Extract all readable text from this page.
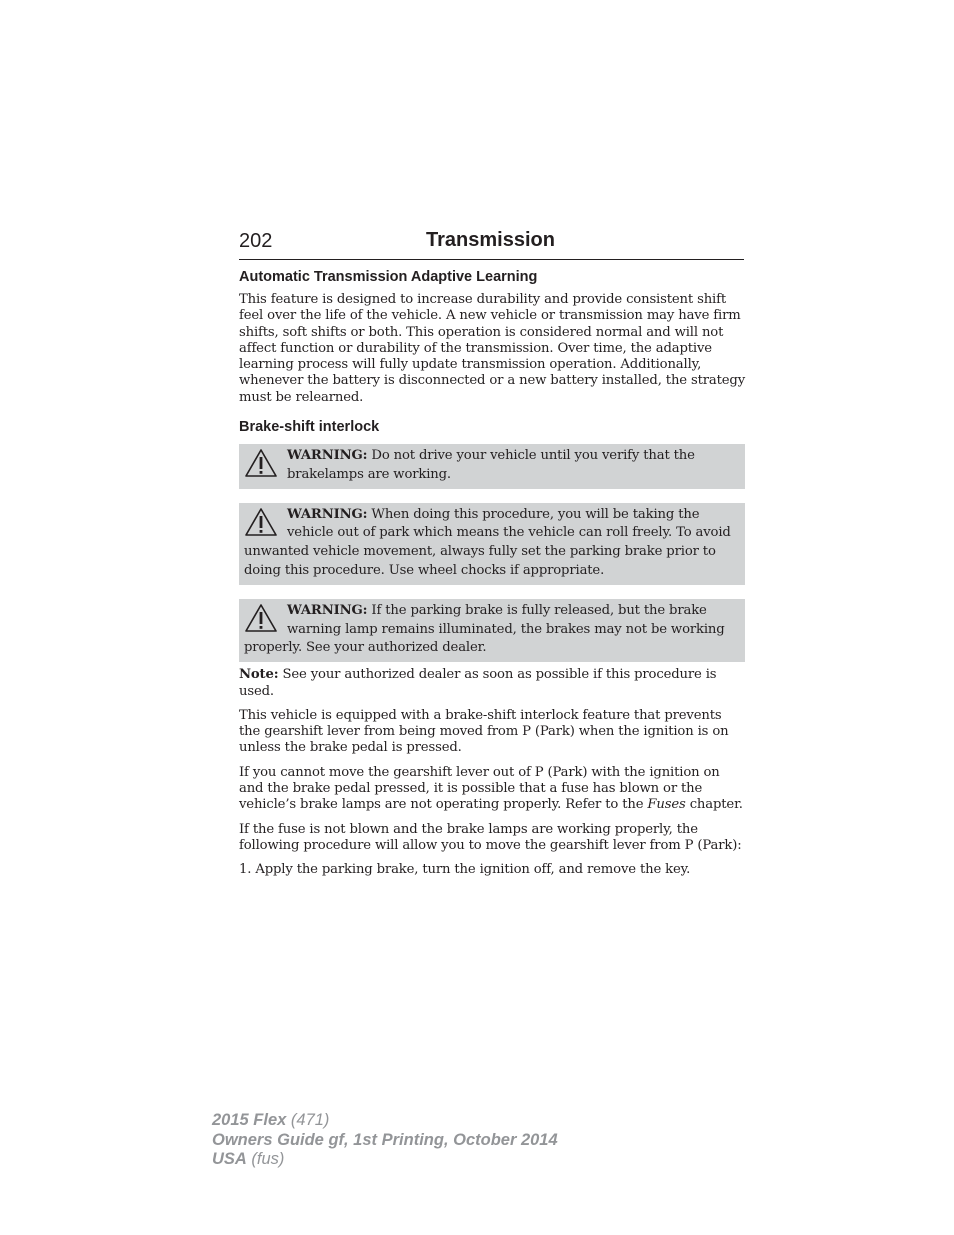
202	Transmission
Automatic Transmission Adaptive Learning

This feature is designed to increase durability and provide consistent shift feel over the life of the vehicle. A new vehicle or transmission may have firm shifts, soft shifts or both. This operation is considered normal and will not affect function or durability of the transmission. Over time, the adaptive learning process will fully update transmission operation. Additionally, whenever the battery is disconnected or a new battery installed, the strategy must be relearned.

Brake-shift interlock
WARNING: Do not drive your vehicle until you verify that the brakelamps are working.
WARNING: When doing this procedure, you will be taking the vehicle out of park which means the vehicle can roll freely. To avoid unwanted vehicle movement, always fully set the parking brake prior to doing this procedure. Use wheel chocks if appropriate.
WARNING: If the parking brake is fully released, but the brake warning lamp remains illuminated, the brakes may not be working properly. See your authorized dealer.

Note: See your authorized dealer as soon as possible if this procedure is used.

This vehicle is equipped with a brake-shift interlock feature that prevents the gearshift lever from being moved from P (Park) when the ignition is on unless the brake pedal is pressed.

If you cannot move the gearshift lever out of P (Park) with the ignition on and the brake pedal pressed, it is possible that a fuse has blown or the vehicle’s brake lamps are not operating properly. Refer to the Fuses chapter.

If the fuse is not blown and the brake lamps are working properly, the following procedure will allow you to move the gearshift lever from P (Park):

1. Apply the parking brake, turn the ignition off, and remove the key.

2015 Flex (471)
Owners Guide gf, 1st Printing, October 2014
USA (fus)
